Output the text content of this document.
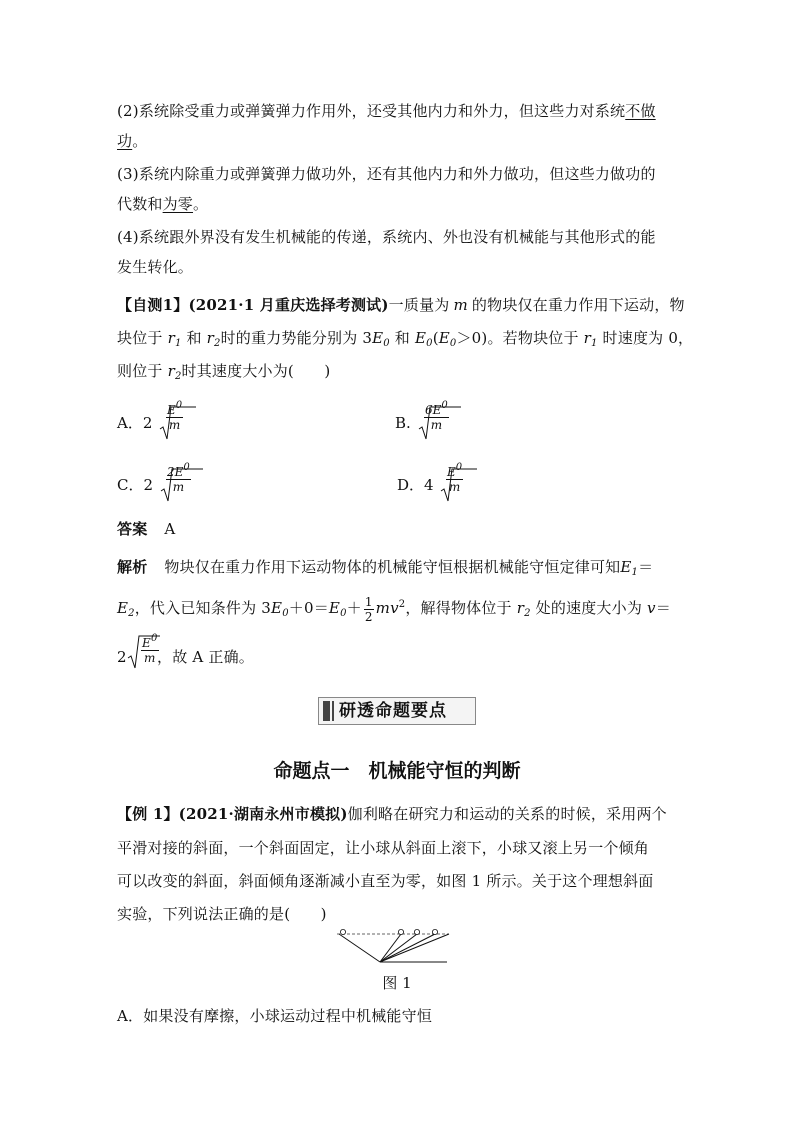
(2)系统除受重力或弹簧弹力作用外，还受其他内力和外力，但这些力对系统不做
功。
(3)系统内除重力或弹簧弹力做功外，还有其他内力和外力做功，但这些力做功的
代数和为零。
(4)系统跟外界没有发生机械能的传递，系统内、外也没有机械能与其他形式的能
发生转化。
【自测1】(2021·1 月重庆选择考测试)一质量为 m 的物块仅在重力作用下运动，物
块位于 $r_1$ 和 $r_2$时的重力势能分别为 $3E_0$ 和 $E_0(E_0>0)$。若物块位于 $r_1$ 时速度为 0，
则位于 $r_2$时其速度大小为(　　)
A．$2 \frac{E^0}{m}$	B. $\frac{6E^0}{m}$
C．$2 \frac{2E^0}{m}$	D．$4 \frac{E^0}{m}$
答案 A
解析 物块仅在重力作用下运动物体的机械能守恒根据机械能守恒定律可知$E_1=$
$E_2$，代入已知条件为 $3E_0+0=E_0+ \frac{1}{2} mv^2$，解得物体位于 $r_2$ 处的速度大小为 v＝
$2 \frac{E^0}{m}$
，故 A 正确。
研透命题要点
命题点一　机械能守恒的判断
【例 1】(2021·湖南永州市模拟)伽利略在研究力和运动的关系的时候，采用两个
平滑对接的斜面，一个斜面固定，让小球从斜面上滚下，小球又滚上另一个倾角
可以改变的斜面，斜面倾角逐渐减小直至为零，如图 1 所示。关于这个理想斜面
实验，下列说法正确的是(　　)
图 1
A．如果没有摩擦，小球运动过程中机械能守恒
